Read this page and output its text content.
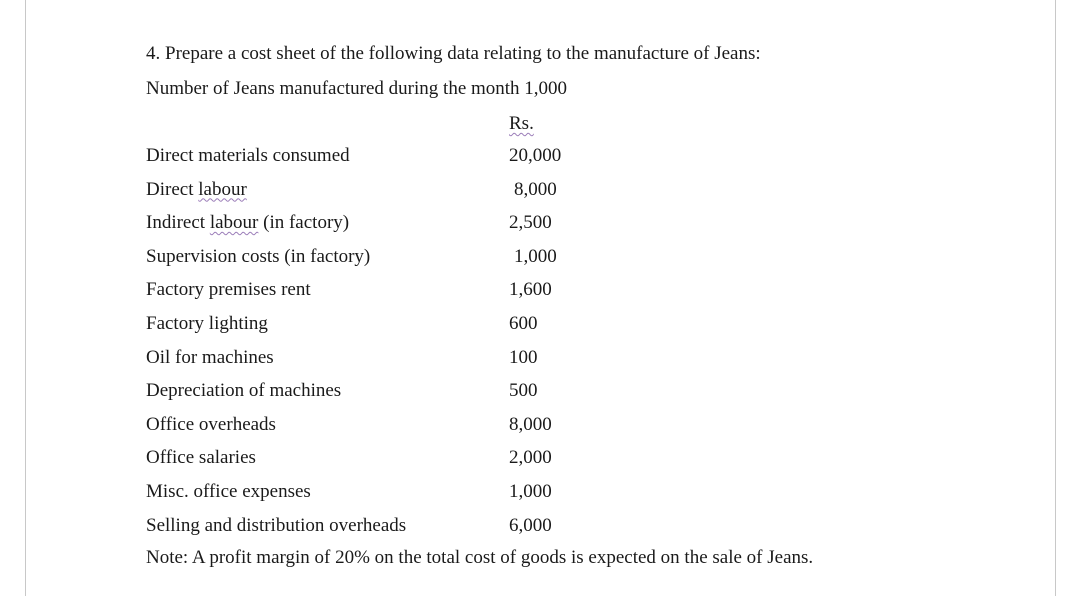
4. Prepare a cost sheet of the following data relating to the manufacture of Jeans:
Number of Jeans manufactured during the month 1,000
Rs.
Direct materials consumed	20,000
Direct labour	8,000
Indirect labour (in factory)	2,500
Supervision costs (in factory)	1,000
Factory premises rent	1,600
Factory lighting	600
Oil for machines	100
Depreciation of machines	500
Office overheads	8,000
Office salaries	2,000
Misc. office expenses	1,000
Selling and distribution overheads	6,000
Note: A profit margin of 20% on the total cost of goods is expected on the sale of Jeans.
